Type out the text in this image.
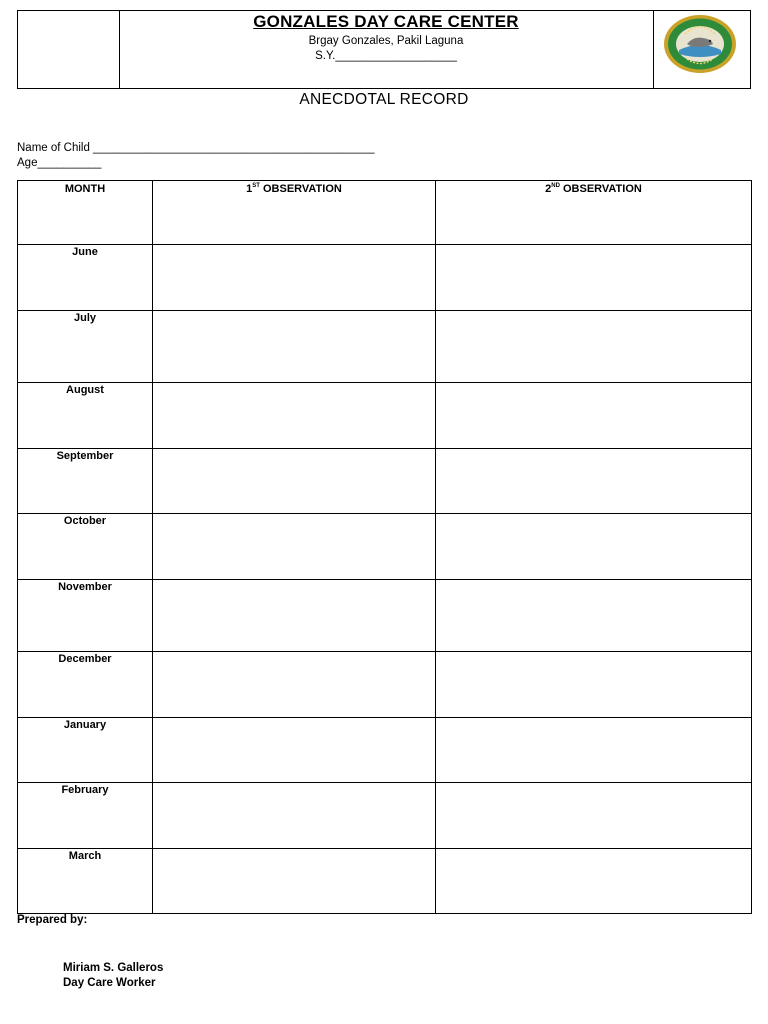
GONZALES DAY CARE CENTER
Brgay Gonzales, Pakil Laguna
S.Y.___________________
ANECDOTAL RECORD
Name of Child ____________________________________________
Age__________
MONTH	1ST OBSERVATION	2ND OBSERVATION
June		
July		
August		
September		
October		
November		
December		
January		
February		
March		
Prepared by:
Miriam S. Galleros
Day Care Worker
